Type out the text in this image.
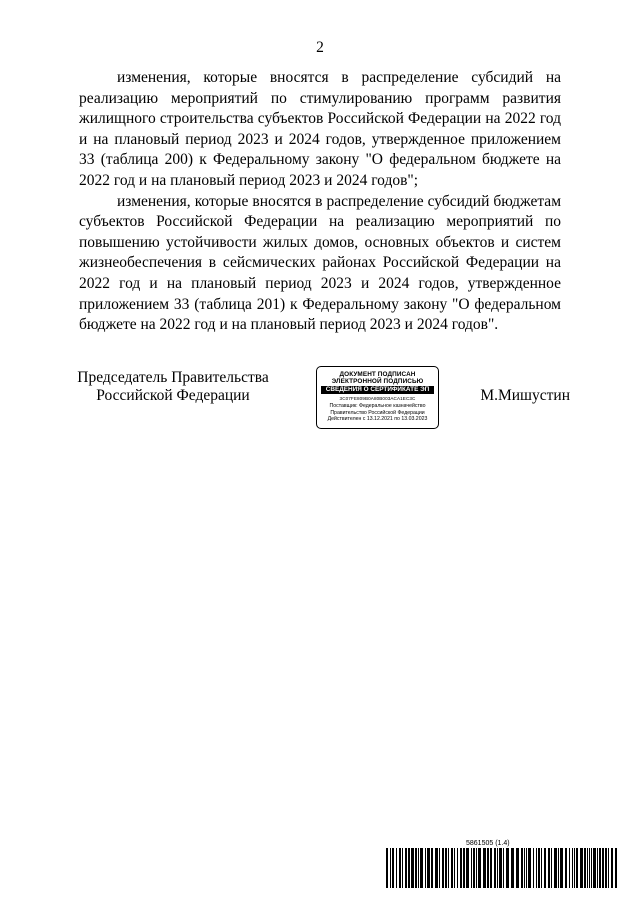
2

изменения, которые вносятся в распределение субсидий на реализацию мероприятий по стимулированию программ развития жилищного строительства субъектов Российской Федерации на 2022 год и на плановый период 2023 и 2024 годов, утвержденное приложением 33 (таблица 200) к Федеральному закону "О федеральном бюджете на 2022 год и на плановый период 2023 и 2024 годов";

изменения, которые вносятся в распределение субсидий бюджетам субъектов Российской Федерации на реализацию мероприятий по повышению устойчивости жилых домов, основных объектов и систем жизнеобеспечения в сейсмических районах Российской Федерации на 2022 год и на плановый период 2023 и 2024 годов, утвержденное приложением 33 (таблица 201) к Федеральному закону "О федеральном бюджете на 2022 год и на плановый период 2023 и 2024 годов".

Председатель Правительства
Российской Федерации
ДОКУМЕНТ ПОДПИСАН
ЭЛЕКТРОННОЙ ПОДПИСЬЮ
СВЕДЕНИЯ О СЕРТИФИКАТЕ ЭП
3C07FE809B0A80B003ACA1EC3C
Поставщик: Федеральное казначейство
Правительство Российской Федерации
Действителен с 13.12.2021 по 13.03.2023
М.Мишустин
5861505 (1.4)
